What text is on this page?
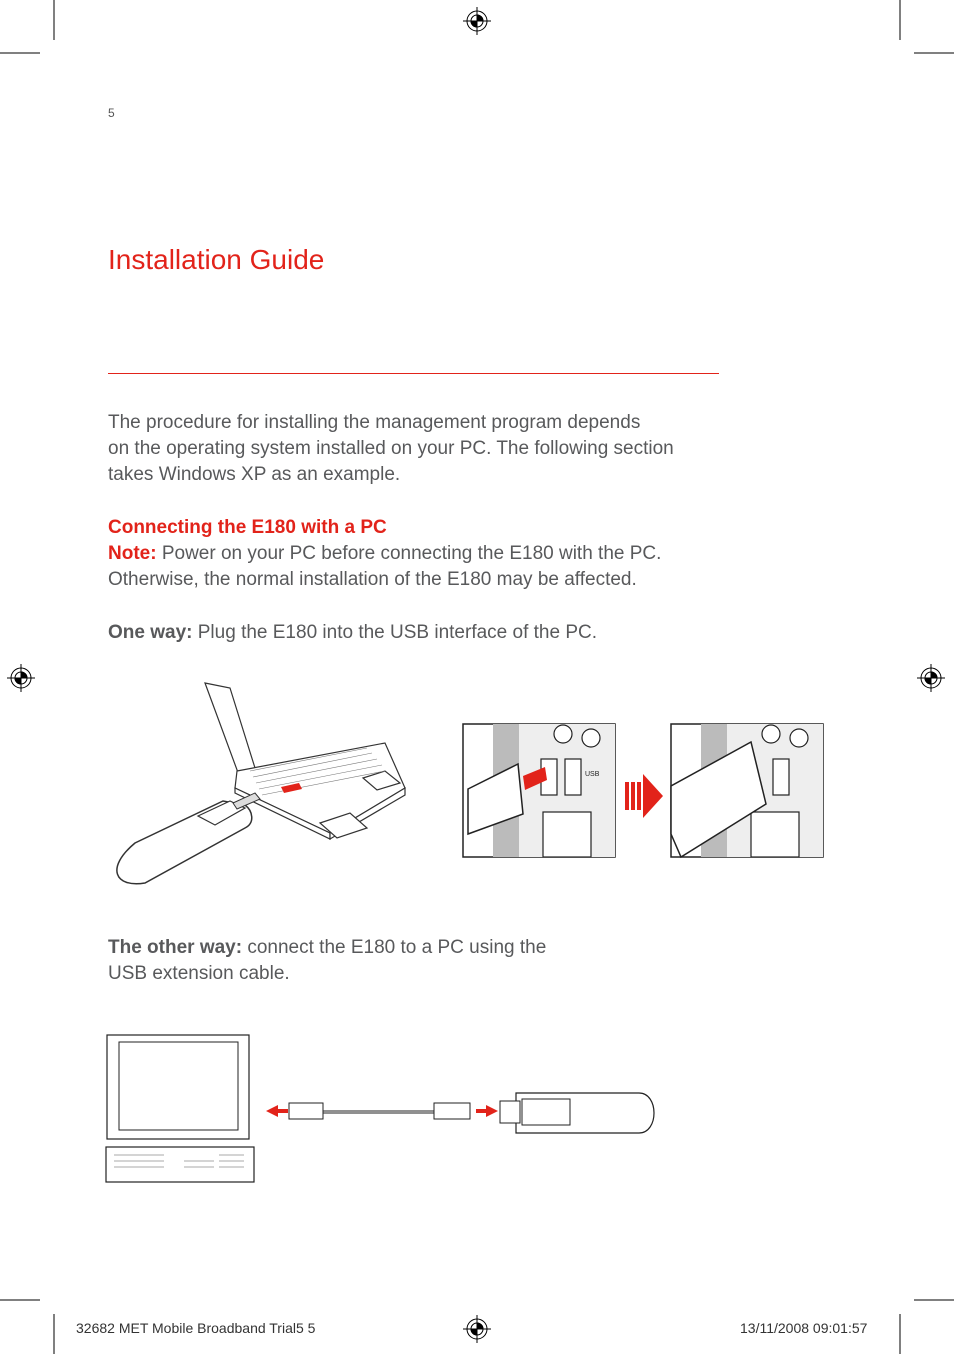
5
Installation Guide
The procedure for installing the management program depends
on the operating system installed on your PC. The following section
takes Windows XP as an example.
Connecting the E180 with a PC
Note: Power on your PC before connecting the E180 with the PC.
Otherwise, the normal installation of the E180 may be affected.
One way: Plug the E180 into the USB interface of the PC.
USB
The other way: connect the E180 to a PC using the
USB extension cable.
32682 MET Mobile Broadband Trial5 5	13/11/2008 09:01:57
